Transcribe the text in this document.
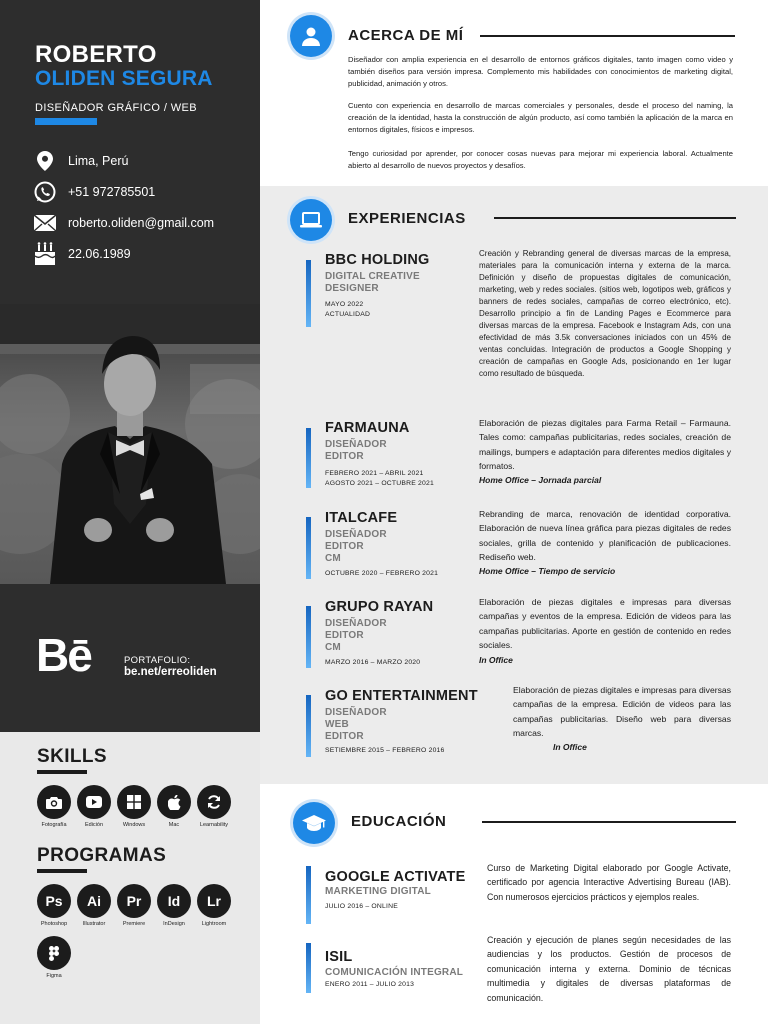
ROBERTO
OLIDEN SEGURA
DISEÑADOR GRÁFICO / WEB
Lima, Perú
+51 972785501
roberto.oliden@gmail.com
22.06.1989
Bē	PORTAFOLIO:
be.net/erreoliden
SKILLS
Fotografía	Edición	Windows	Mac	Learnability
PROGRAMAS
Ps
Photoshop
Ai
Illustrator
Pr
Premiere
Id
InDesign
Lr
Lightroom
Figma
ACERCA DE MÍ
Diseñador con amplia experiencia en el desarrollo de entornos gráficos digitales, tanto imagen como video y también diseños para versión impresa. Complemento mis habilidades con conocimientos de marketing digital, publicidad, animación y otros.
Cuento con experiencia en desarrollo de marcas comerciales y personales, desde el proceso del naming, la creación de la identidad, hasta la construcción de algún producto, así como también la aplicación de la marca en entornos digitales, físicos e impresos.
Tengo curiosidad por aprender, por conocer cosas nuevas para mejorar mi experiencia laboral. Actualmente abierto al desarrollo de nuevos proyectos y desafíos.
EXPERIENCIAS
BBC HOLDING
DIGITAL CREATIVE
DESIGNER
MAYO 2022
ACTUALIDAD
Creación y Rebranding general de diversas marcas de la empresa, materiales para la comunicación interna y externa de la marca. Definición y diseño de propuestas digitales de comunicación, marketing, web y redes sociales. (sitios web, logotipos web, gráficos y banners de redes sociales, campañas de correo electrónico, etc). Desarrollo principio a fin de Landing Pages e Ecommerce para diversas marcas de la empresa. Facebook e Instagram Ads, con una efectividad de más 3.5k conversaciones iniciados con un 45% de ventas concluidas. Integración de productos a Google Shopping y creación de campañas en Google Ads, posicionando en 1er lugar como resultado de búsqueda.
FARMAUNA
DISEÑADOR
EDITOR
FEBRERO 2021 – ABRIL 2021
AGOSTO 2021 – OCTUBRE 2021
Elaboración de piezas digitales para Farma Retail – Farmauna. Tales como: campañas publicitarias, redes sociales, creación de mailings, bumpers e adaptación para diferentes medios digitales y formatos.
Home Office – Jornada parcial
ITALCAFE
DISEÑADOR
EDITOR
CM
OCTUBRE 2020 – FEBRERO 2021
Rebranding de marca, renovación de identidad corporativa. Elaboración de nueva línea gráfica para piezas digitales de redes sociales, grilla de contenido y planificación de publicaciones. Rediseño web.
Home Office – Tiempo de servicio
GRUPO RAYAN
DISEÑADOR
EDITOR
CM
MARZO 2016 – MARZO 2020
Elaboración de piezas digitales e impresas para diversas campañas y eventos de la empresa. Edición de videos para las campañas publicitarias. Aporte en gestión de contenido en redes sociales.
In Office
GO ENTERTAINMENT
DISEÑADOR
WEB
EDITOR
SETIEMBRE 2015 – FEBRERO 2016
Elaboración de piezas digitales e impresas para diversas campañas de la empresa. Edición de videos para las campañas publicitarias. Diseño web para diversas marcas.
In Office
EDUCACIÓN
GOOGLE ACTIVATE
MARKETING DIGITAL
JULIO 2016 – ONLINE
Curso de Marketing Digital elaborado por Google Activate, certificado por agencia Interactive Advertising Bureau (IAB). Con numerosos ejercicios prácticos y ejemplos reales.
ISIL
COMUNICACIÓN INTEGRAL
ENERO 2011 – JULIO 2013
Creación y ejecución de planes según necesidades de las audiencias y los productos. Gestión de procesos de comunicación interna y externa. Dominio de técnicas multimedia y digitales de diversas plataformas de comunicación.
